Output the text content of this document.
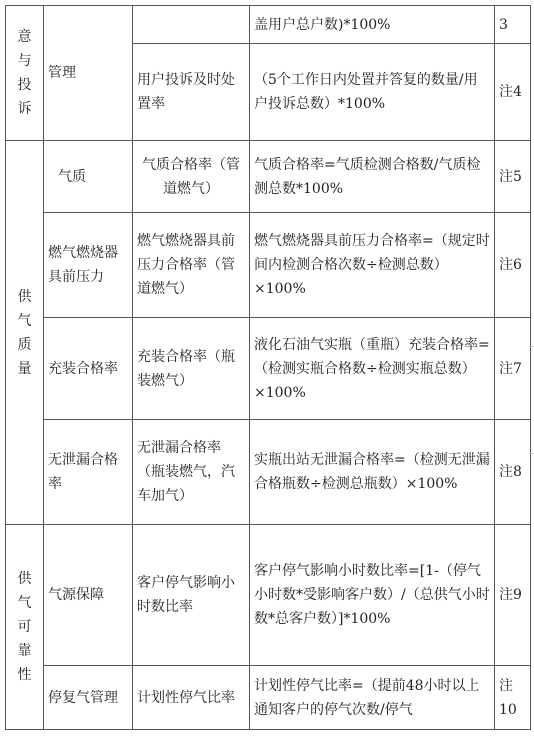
意与投诉	管理		盖用户总户数)*100%	3
		用户投诉及时处置率	（5个工作日内处置并答复的数量/用户投诉总数）*100%	注4

供气质量	气质	气质合格率（管道燃气）	气质合格率=气质检测合格数/气质检测总数*100%	注5
	燃气燃烧器具前压力	燃气燃烧器具前压力合格率（管道燃气）	燃气燃烧器具前压力合格率=（规定时间内检测合格次数÷检测总数）×100%	注6
	充装合格率	充装合格率（瓶装燃气）	液化石油气实瓶（重瓶）充装合格率=（检测实瓶合格数÷检测实瓶总数）×100%	注7
	无泄漏合格率	无泄漏合格率（瓶装燃气，汽车加气）	实瓶出站无泄漏合格率=（检测无泄漏合格瓶数÷检测总瓶数）×100%	注8

供气可靠性	气源保障	客户停气影响小时数比率	客户停气影响小时数比率=[1-（停气小时数*受影响客户数）/（总供气小时数*总客户数）]*100%	注9
	停复气管理	计划性停气比率	计划性停气比率=（提前48小时以上通知客户的停气次数/停气	注10
